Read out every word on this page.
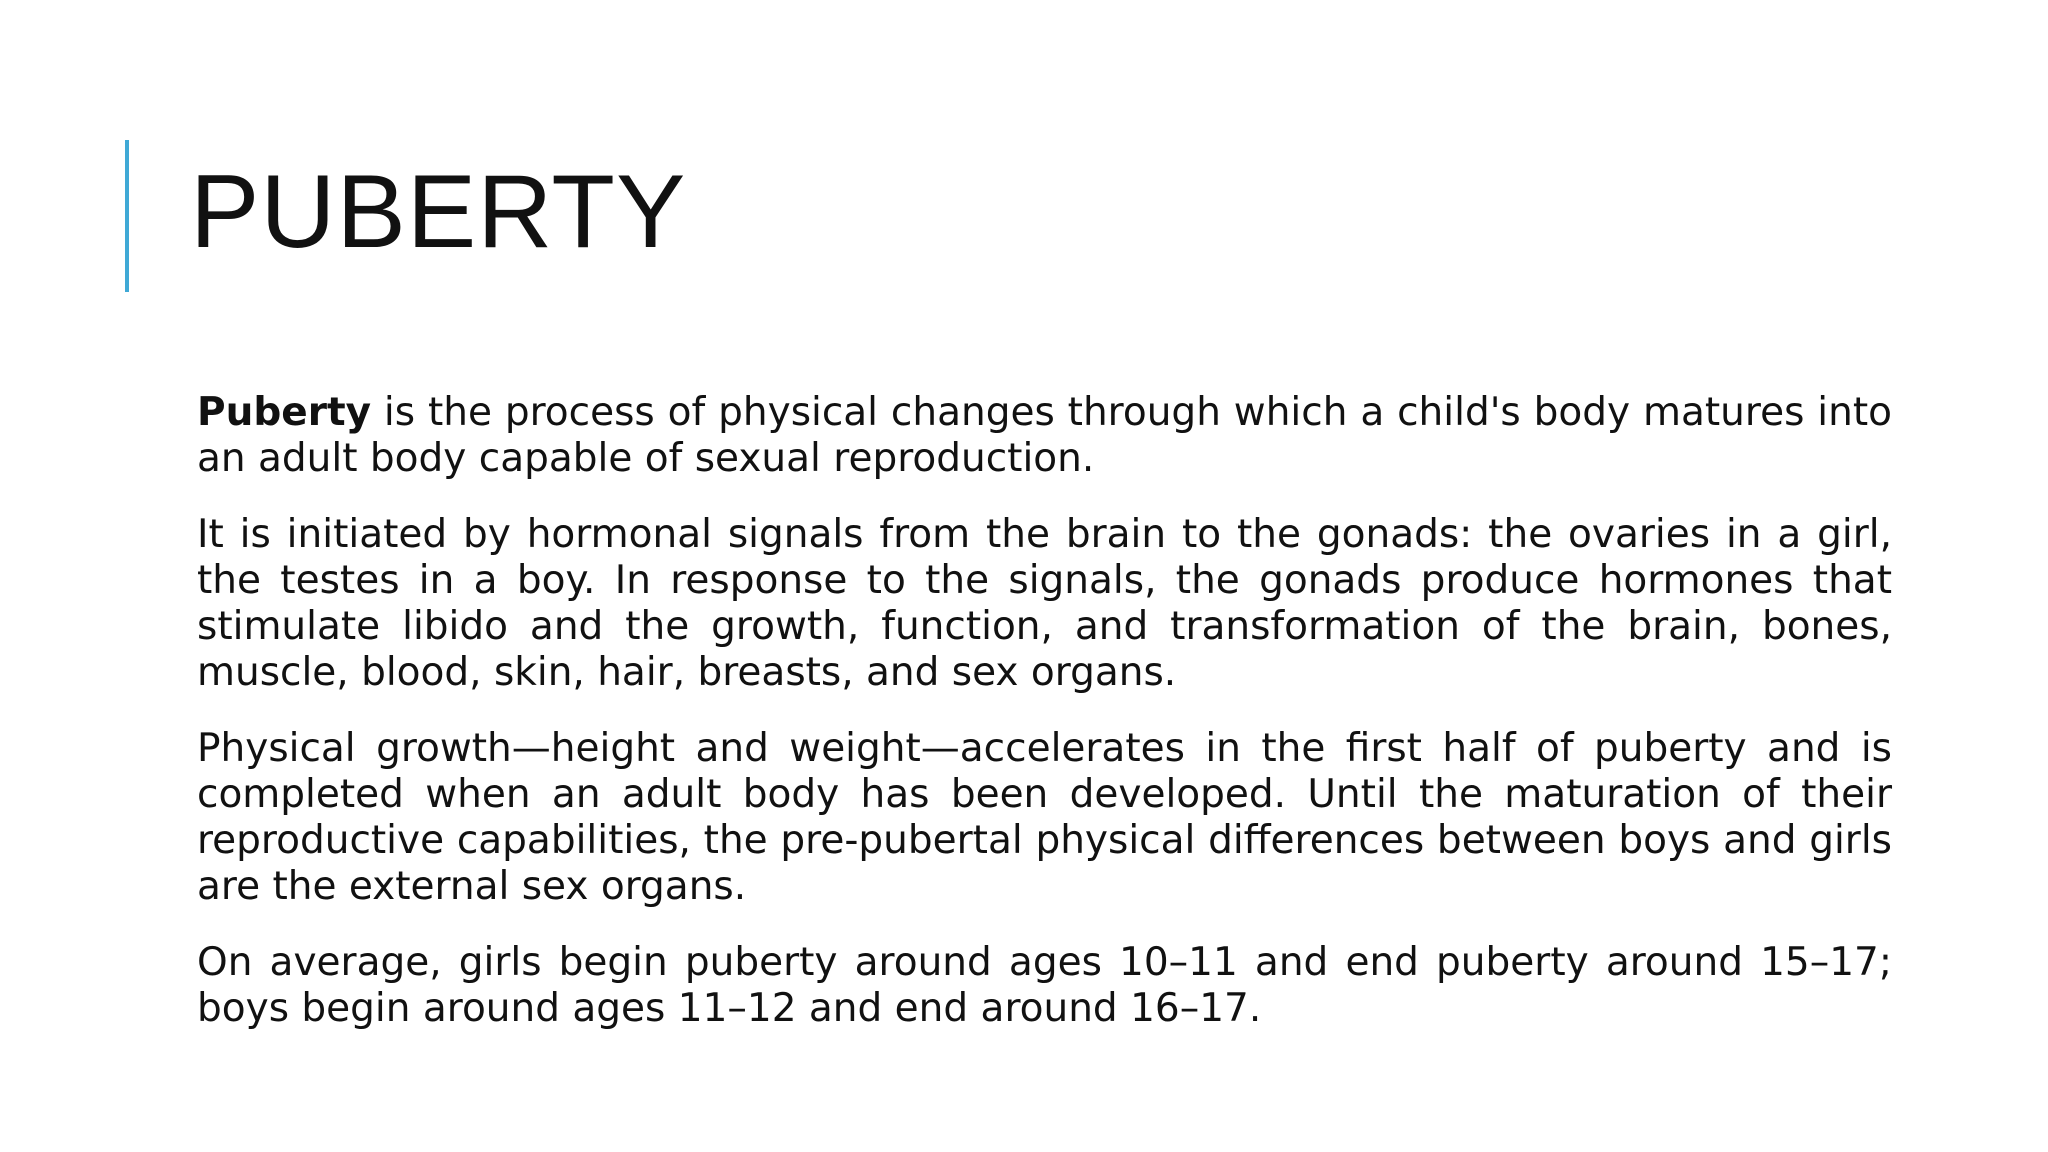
PUBERTY

Puberty is the process of physical changes through which a child's body matures into an adult body capable of sexual reproduction.

It is initiated by hormonal signals from the brain to the gonads: the ovaries in a girl, the testes in a boy. In response to the signals, the gonads produce hormones that stimulate libido and the growth, function, and transformation of the brain, bones, muscle, blood, skin, hair, breasts, and sex organs.

Physical growth—height and weight—accelerates in the first half of puberty and is completed when an adult body has been developed. Until the maturation of their reproductive capabilities, the pre-pubertal physical differences between boys and girls are the external sex organs.

On average, girls begin puberty around ages 10–11 and end puberty around 15–17; boys begin around ages 11–12 and end around 16–17.
